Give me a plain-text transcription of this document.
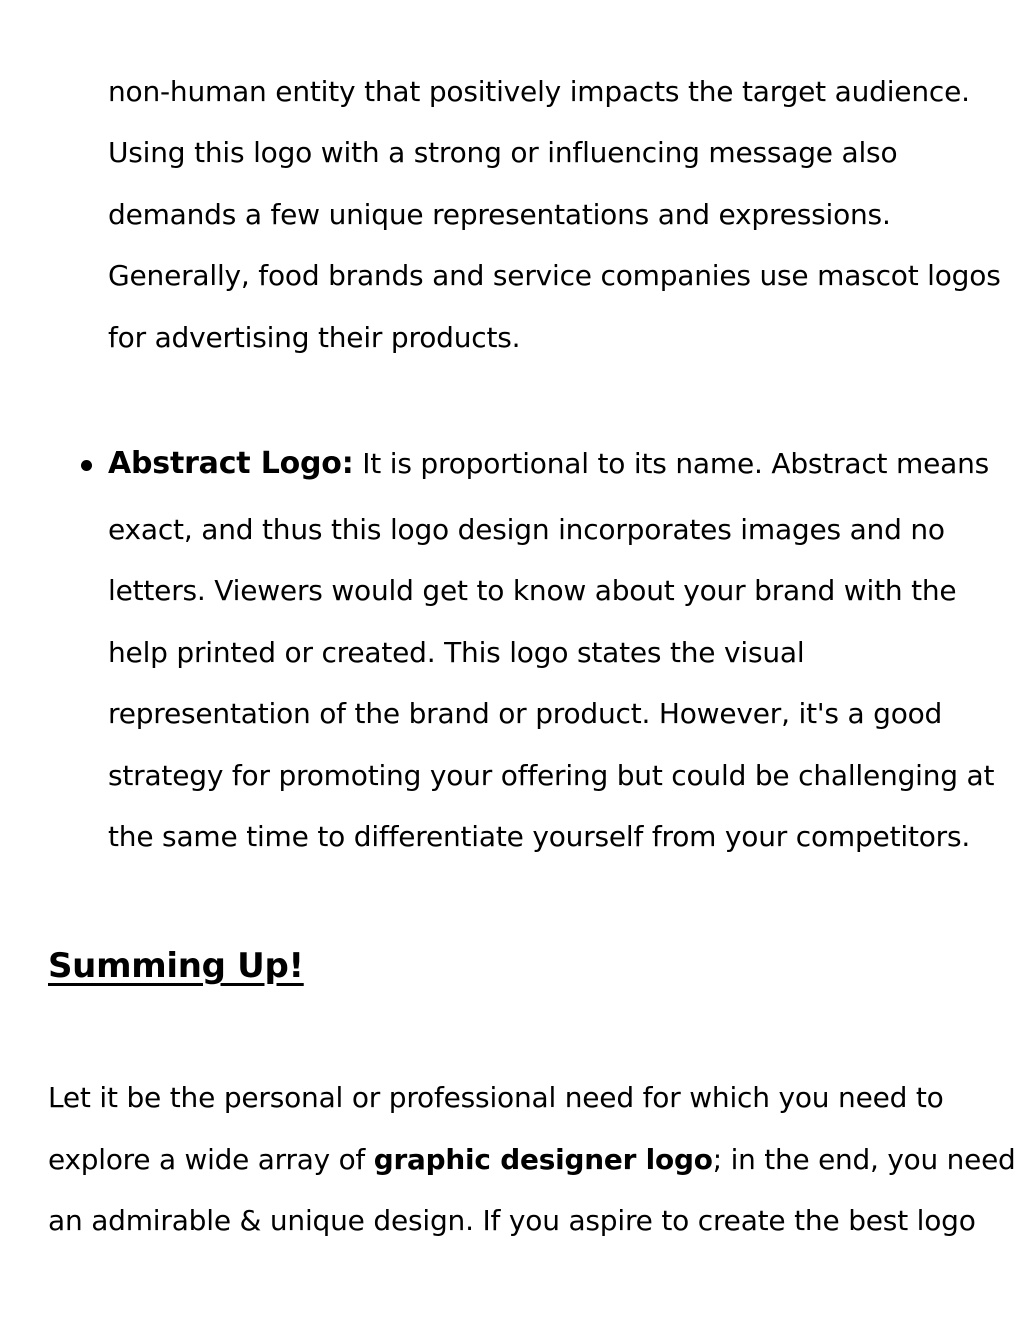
non-human entity that positively impacts the target audience.
Using this logo with a strong or influencing message also
demands a few unique representations and expressions.
Generally, food brands and service companies use mascot logos
for advertising their products.
Abstract Logo: It is proportional to its name. Abstract means
exact, and thus this logo design incorporates images and no
letters. Viewers would get to know about your brand with the
help printed or created. This logo states the visual
representation of the brand or product. However, it's a good
strategy for promoting your offering but could be challenging at
the same time to differentiate yourself from your competitors.
Summing Up!
Let it be the personal or professional need for which you need to
explore a wide array of graphic designer logo; in the end, you need
an admirable & unique design. If you aspire to create the best logo
